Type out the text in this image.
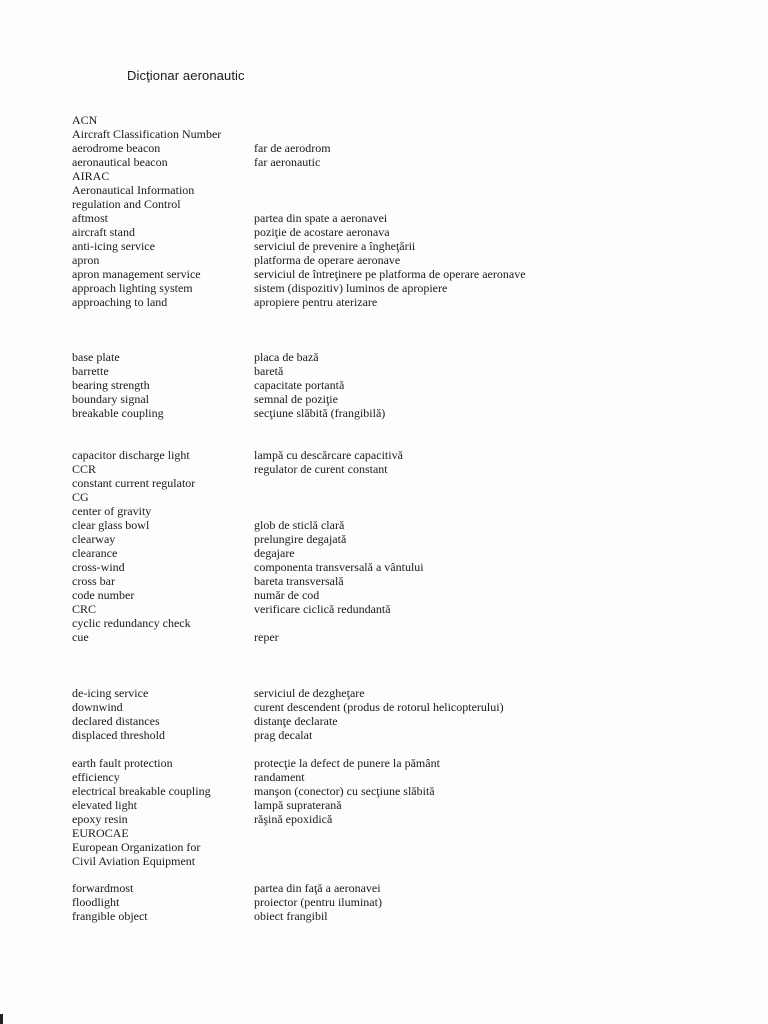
Dicţionar aeronautic
ACN
Aircraft Classification Number
aerodrome beacon	far de aerodrom
aeronautical beacon	far aeronautic
AIRAC
Aeronautical Information
regulation and Control
aftmost	partea din spate a aeronavei
aircraft stand	poziţie de acostare aeronava
anti-icing service	serviciul de prevenire a îngheţării
apron	platforma de operare aeronave
apron management service	serviciul de întreţinere pe platforma de operare aeronave
approach lighting system	sistem (dispozitiv) luminos de apropiere
approaching to land	apropiere pentru aterizare
base plate	placa de bază
barrette	baretă
bearing strength	capacitate portantă
boundary signal	semnal de poziţie
breakable coupling	secţiune slăbită (frangibilă)
capacitor discharge light	lampă cu descărcare capacitivă
CCR	regulator de curent constant
constant current regulator
CG
center of gravity
clear glass bowl	glob de sticlă clară
clearway	prelungire degajată
clearance	degajare
cross-wind	componenta transversală a vântului
cross bar	bareta transversală
code number	număr de cod
CRC	verificare ciclică redundantă
cyclic redundancy check
cue	reper
de-icing service	serviciul de dezgheţare
downwind	curent descendent (produs de rotorul helicopterului)
declared distances	distanţe declarate
displaced threshold	prag decalat
earth fault protection	protecţie la defect de punere la pământ
efficiency	randament
electrical breakable coupling	manşon (conector) cu secţiune slăbită
elevated light	lampă supraterană
epoxy resin	răşină epoxidică
EUROCAE
European Organization for
Civil Aviation Equipment
forwardmost	partea din faţă a aeronavei
floodlight	proiector (pentru iluminat)
frangible object	obiect frangibil
